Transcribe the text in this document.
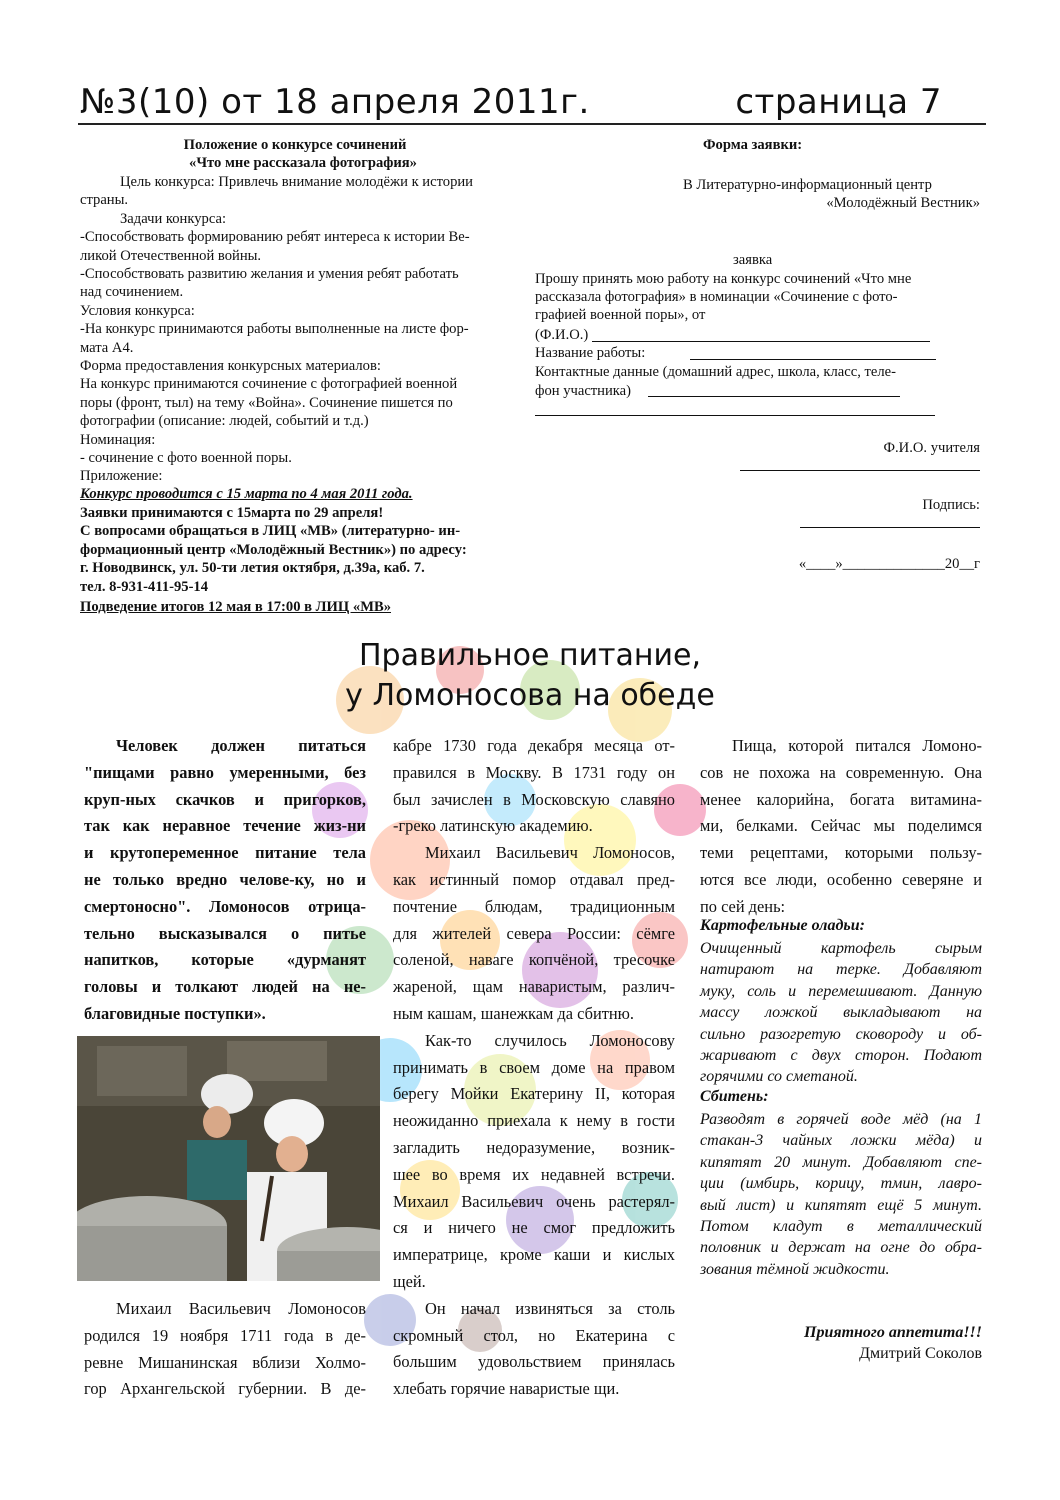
№3(10) от 18 апреля 2011г.	страница 7
Положение о конкурсе сочинений
«Что мне рассказала фотография»
Цель конкурса: Привлечь внимание молодёжи к истории
страны.
Задачи конкурса:
-Способствовать формированию ребят интереса к истории Ве-
ликой Отечественной войны.
-Способствовать развитию желания и умения ребят работать
над сочинением.
Условия конкурса:
-На конкурс принимаются работы выполненные на листе фор-
мата А4.
Форма предоставления конкурсных материалов:
На конкурс принимаются сочинение с фотографией военной
поры (фронт, тыл) на тему «Война». Сочинение пишется по
фотографии (описание: людей, событий и т.д.)
Номинация:
- сочинение с фото военной поры.
Приложение:
Конкурс проводится с 15 марта по 4 мая 2011 года.
Заявки принимаются с 15марта по 29 апреля!
С вопросами обращаться в ЛИЦ «МВ» (литературно- ин-
формационный центр «Молодёжный Вестник») по адресу:
г. Новодвинск, ул. 50-ти летия октября, д.39а, каб. 7.
тел. 8-931-411-95-14
Подведение итогов 12 мая в 17:00 в ЛИЦ «МВ»
Форма заявки:
В Литературно-информационный центр
«Молодёжный Вестник»
заявка
Прошу принять мою работу на конкурс сочинений «Что мне
рассказала фотография» в номинации «Сочинение с фото-
графией военной поры», от
(Ф.И.О.)
Название работы:
Контактные данные (домашний адрес, школа, класс, теле-
фон участника)
Ф.И.О. учителя
Подпись:
«____»______________20__г
Правильное питание,
у Ломоносова на обеде
Человек должен питаться
"пищами равно умеренными, без
круп-ных скачков и пригорков,
так как неравное течение жиз-ни
и крутопеременное питание тела
не только вредно челове-ку, но и
смертоносно". Ломоносов отрица-
тельно высказывался о питье
напитков, которые «дурманят
головы и толкают людей на не-
благовидные поступки».
Михаил Васильевич Ломоносов
родился 19 ноября 1711 года в де-
ревне Мишанинская вблизи Холмо-
гор Архангельской губернии. В де-
кабре 1730 года декабря месяца от-
правился в Москву. В 1731 году он
был зачислен в Московскую славяно
-греко латинскую академию.
Михаил Васильевич Ломоносов,
как истинный помор отдавал пред-
почтение блюдам, традиционным
для жителей севера России: сёмге
соленой, наваге копчёной, тресочке
жареной, щам наваристым, различ-
ным кашам, шанежкам да сбитню.
Как-то случилось Ломоносову
принимать в своем доме на правом
берегу Мойки Екатерину II, которая
неожиданно приехала к нему в гости
загладить недоразумение, возник-
шее во время их недавней встречи.
Михаил Васильевич очень растерял-
ся и ничего не смог предложить
императрице, кроме каши и кислых
щей.
Он начал извиняться за столь
скромный стол, но Екатерина с
большим удовольствием принялась
хлебать горячие наваристые щи.
Пища, которой питался Ломоно-
сов не похожа на современную. Она
менее калорийна, богата витамина-
ми, белками. Сейчас мы поделимся
теми рецептами, которыми пользу-
ются все люди, особенно северяне и
по сей день:
Картофельные оладьи:
Очищенный картофель сырым
натирают на терке. Добавляют
муку, соль и перемешивают. Данную
массу ложкой выкладывают на
сильно разогретую сковороду и об-
жаривают с двух сторон. Подают
горячими со сметаной.
Сбитень:
Разводят в горячей воде мёд (на 1
стакан-3 чайных ложки мёда) и
кипятят 20 минут. Добавляют спе-
ции (имбирь, корицу, тмин, лавро-
вый лист) и кипятят ещё 5 минут.
Потом кладут в металлический
половник и держат на огне до обра-
зования тёмной жидкости.
Приятного аппетита!!!
Дмитрий Соколов
